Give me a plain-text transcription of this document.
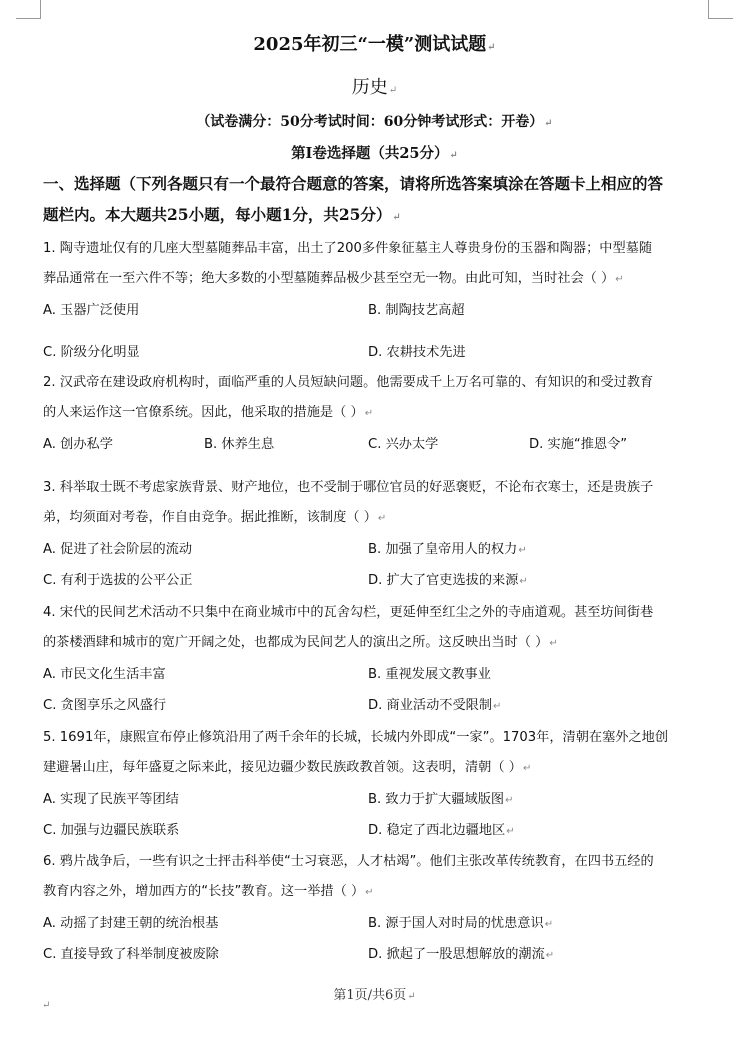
2025年初三“一模”测试试题↵
历史↵
（试卷满分：50分考试时间：60分钟考试形式：开卷）↵
第Ⅰ卷选择题（共25分）↵
一、选择题（下列各题只有一个最符合题意的答案，请将所选答案填涂在答题卡上相应的答
题栏内。本大题共25小题，每小题1分，共25分）↵
1. 陶寺遗址仅有的几座大型墓随葬品丰富，出土了200多件象征墓主人尊贵身份的玉器和陶器；中型墓随
葬品通常在一至六件不等；绝大多数的小型墓随葬品极少甚至空无一物。由此可知，当时社会（ ）↵
A. 玉器广泛使用	B. 制陶技艺高超
C. 阶级分化明显	D. 农耕技术先进
2. 汉武帝在建设政府机构时，面临严重的人员短缺问题。他需要成千上万名可靠的、有知识的和受过教育
的人来运作这一官僚系统。因此，他采取的措施是（ ）↵
A. 创办私学	B. 休养生息	C. 兴办太学	D. 实施“推恩令”
3. 科举取士既不考虑家族背景、财产地位，也不受制于哪位官员的好恶褒贬，不论布衣寒士，还是贵族子
弟，均须面对考卷，作自由竞争。据此推断，该制度（ ）↵
A. 促进了社会阶层的流动	B. 加强了皇帝用人的权力↵
C. 有利于选拔的公平公正	D. 扩大了官吏选拔的来源↵
4. 宋代的民间艺术活动不只集中在商业城市中的瓦舍勾栏，更延伸至红尘之外的寺庙道观。甚至坊间街巷
的茶楼酒肆和城市的宽广开阔之处，也都成为民间艺人的演出之所。这反映出当时（ ）↵
A. 市民文化生活丰富	B. 重视发展文教事业
C. 贪图享乐之风盛行	D. 商业活动不受限制↵
5. 1691年，康熙宣布停止修筑沿用了两千余年的长城，长城内外即成“一家”。1703年，清朝在塞外之地创
建避暑山庄，每年盛夏之际来此，接见边疆少数民族政教首领。这表明，清朝（ ）↵
A. 实现了民族平等团结	B. 致力于扩大疆域版图↵
C. 加强与边疆民族联系	D. 稳定了西北边疆地区↵
6. 鸦片战争后，一些有识之士抨击科举使“士习衰恶，人才枯竭”。他们主张改革传统教育，在四书五经的
教育内容之外，增加西方的“长技”教育。这一举措（ ）↵
A. 动摇了封建王朝的统治根基	B. 源于国人对时局的忧患意识↵
C. 直接导致了科举制度被废除	D. 掀起了一股思想解放的潮流↵
第1页/共6页↵
↵
